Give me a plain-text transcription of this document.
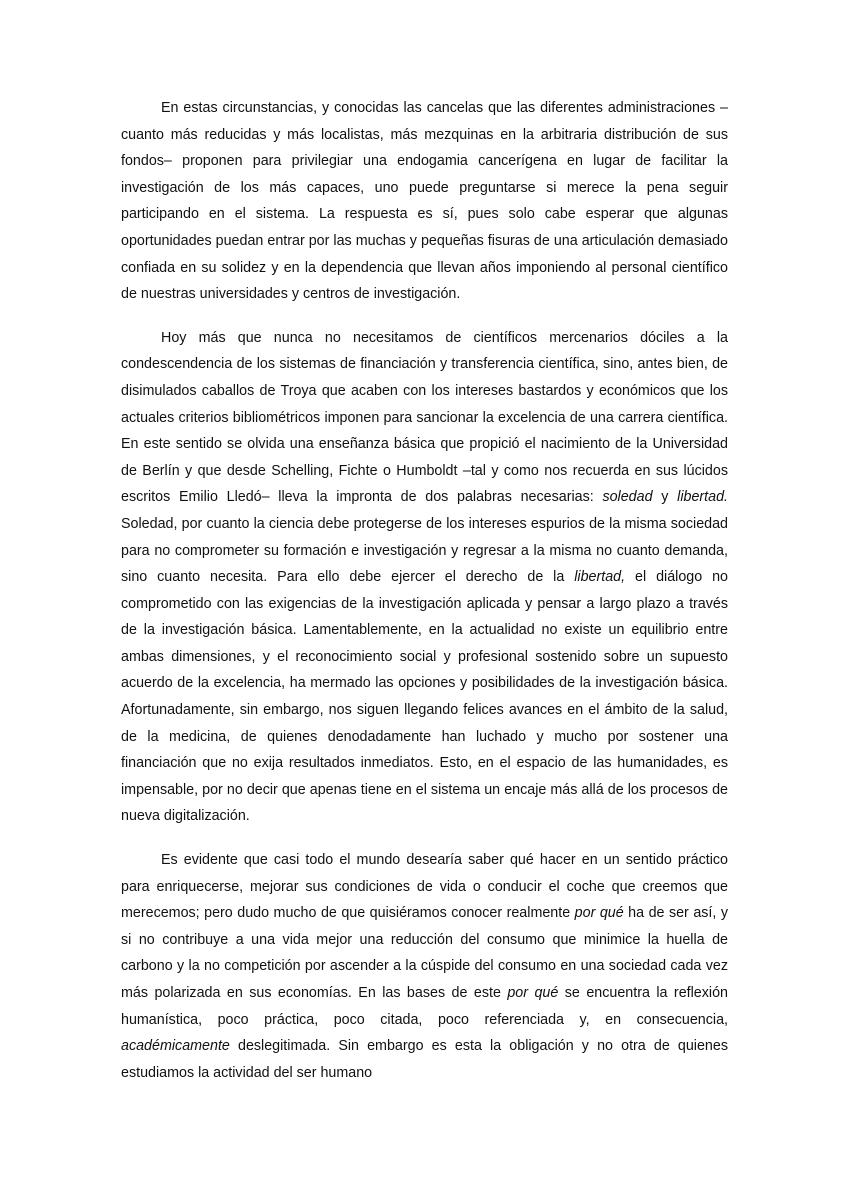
En estas circunstancias, y conocidas las cancelas que las diferentes administraciones –cuanto más reducidas y más localistas, más mezquinas en la arbitraria distribución de sus fondos– proponen para privilegiar una endogamia cancerígena en lugar de facilitar la investigación de los más capaces, uno puede preguntarse si merece la pena seguir participando en el sistema. La respuesta es sí, pues solo cabe esperar que algunas oportunidades puedan entrar por las muchas y pequeñas fisuras de una articulación demasiado confiada en su solidez y en la dependencia que llevan años imponiendo al personal científico de nuestras universidades y centros de investigación.

Hoy más que nunca no necesitamos de científicos mercenarios dóciles a la condescendencia de los sistemas de financiación y transferencia científica, sino, antes bien, de disimulados caballos de Troya que acaben con los intereses bastardos y económicos que los actuales criterios bibliométricos imponen para sancionar la excelencia de una carrera científica. En este sentido se olvida una enseñanza básica que propició el nacimiento de la Universidad de Berlín y que desde Schelling, Fichte o Humboldt –tal y como nos recuerda en sus lúcidos escritos Emilio Lledó– lleva la impronta de dos palabras necesarias: soledad y libertad. Soledad, por cuanto la ciencia debe protegerse de los intereses espurios de la misma sociedad para no comprometer su formación e investigación y regresar a la misma no cuanto demanda, sino cuanto necesita. Para ello debe ejercer el derecho de la libertad, el diálogo no comprometido con las exigencias de la investigación aplicada y pensar a largo plazo a través de la investigación básica. Lamentablemente, en la actualidad no existe un equilibrio entre ambas dimensiones, y el reconocimiento social y profesional sostenido sobre un supuesto acuerdo de la excelencia, ha mermado las opciones y posibilidades de la investigación básica. Afortunadamente, sin embargo, nos siguen llegando felices avances en el ámbito de la salud, de la medicina, de quienes denodadamente han luchado y mucho por sostener una financiación que no exija resultados inmediatos. Esto, en el espacio de las humanidades, es impensable, por no decir que apenas tiene en el sistema un encaje más allá de los procesos de nueva digitalización.

Es evidente que casi todo el mundo desearía saber qué hacer en un sentido práctico para enriquecerse, mejorar sus condiciones de vida o conducir el coche que creemos que merecemos; pero dudo mucho de que quisiéramos conocer realmente por qué ha de ser así, y si no contribuye a una vida mejor una reducción del consumo que minimice la huella de carbono y la no competición por ascender a la cúspide del consumo en una sociedad cada vez más polarizada en sus economías. En las bases de este por qué se encuentra la reflexión humanística, poco práctica, poco citada, poco referenciada y, en consecuencia, académicamente deslegitimada. Sin embargo es esta la obligación y no otra de quienes estudiamos la actividad del ser humano
